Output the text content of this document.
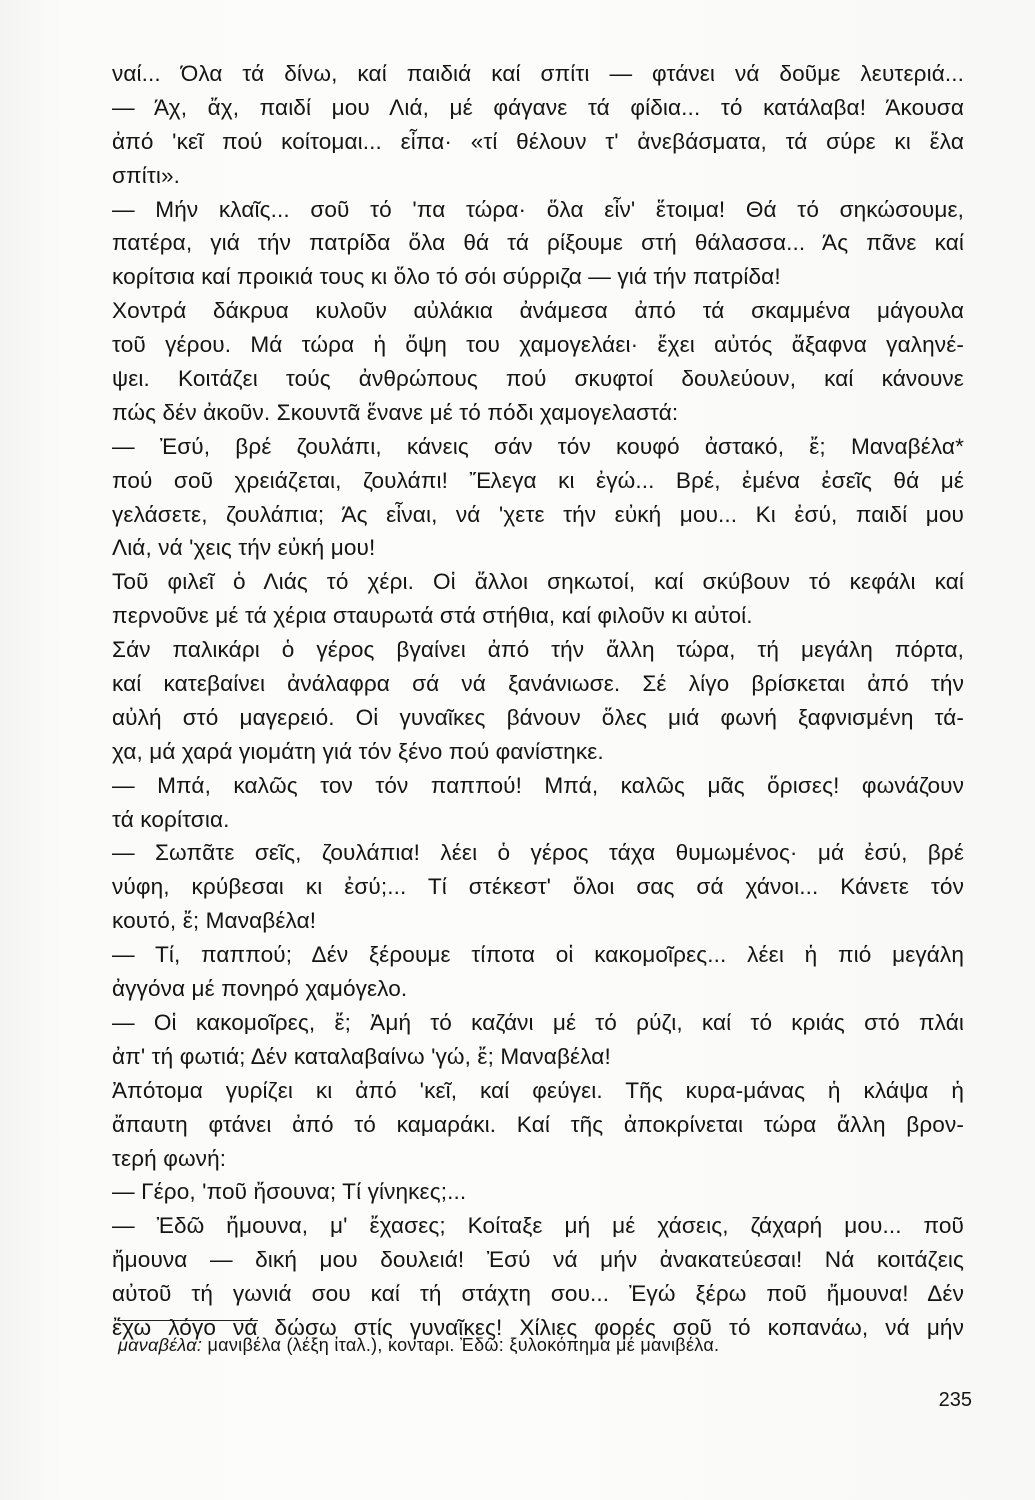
ναί... Όλα τά δίνω, καί παιδιά καί σπίτι — φτάνει νά δοῦμε λευτεριά...
— Άχ, ἄχ, παιδί μου Λιά, μέ φάγανε τά φίδια... τό κατάλαβα! Άκουσα
ἀπό 'κεῖ πού κοίτομαι... εἶπα· «τί θέλουν τ' ἀνεβάσματα, τά σύρε κι ἔλα
σπίτι».
— Μήν κλαῖς... σοῦ τό 'πα τώρα· ὅλα εἶν' ἕτοιμα! Θά τό σηκώσουμε,
πατέρα, γιά τήν πατρίδα ὅλα θά τά ρίξουμε στή θάλασσα... Άς πᾶνε καί
κορίτσια καί προικιά τους κι ὅλο τό σόι σύρριζα — γιά τήν πατρίδα!
Χοντρά δάκρυα κυλοῦν αὐλάκια ἀνάμεσα ἀπό τά σκαμμένα μάγουλα
τοῦ γέρου. Μά τώρα ἡ ὄψη του χαμογελάει· ἔχει αὐτός ἄξαφνα γαληνέ-
ψει. Κοιτάζει τούς ἀνθρώπους πού σκυφτοί δουλεύουν, καί κάνουνε
πώς δέν ἀκοῦν. Σκουντᾶ ἕνανε μέ τό πόδι χαμογελαστά:
— Ἐσύ, βρέ ζουλάπι, κάνεις σάν τόν κουφό ἀστακό, ἔ; Μαναβέλα*
πού σοῦ χρειάζεται, ζουλάπι! Ἔλεγα κι ἐγώ... Βρέ, ἐμένα ἐσεῖς θά μέ
γελάσετε, ζουλάπια; Άς εἶναι, νά 'χετε τήν εὐκή μου... Κι ἐσύ, παιδί μου
Λιά, νά 'χεις τήν εὐκή μου!
Τοῦ φιλεῖ ὁ Λιάς τό χέρι. Οἱ ἄλλοι σηκωτοί, καί σκύβουν τό κεφάλι καί
περνοῦνε μέ τά χέρια σταυρωτά στά στήθια, καί φιλοῦν κι αὐτοί.
Σάν παλικάρι ὁ γέρος βγαίνει ἀπό τήν ἄλλη τώρα, τή μεγάλη πόρτα,
καί κατεβαίνει ἀνάλαφρα σά νά ξανάνιωσε. Σέ λίγο βρίσκεται ἀπό τήν
αὐλή στό μαγερειό. Οἱ γυναῖκες βάνουν ὅλες μιά φωνή ξαφνισμένη τά-
χα, μά χαρά γιομάτη γιά τόν ξένο πού φανίστηκε.
— Μπά, καλῶς τον τόν παππού! Μπά, καλῶς μᾶς ὅρισες! φωνάζουν
τά κορίτσια.
— Σωπᾶτε σεῖς, ζουλάπια! λέει ὁ γέρος τάχα θυμωμένος· μά ἐσύ, βρέ
νύφη, κρύβεσαι κι ἐσύ;... Τί στέκεστ' ὅλοι σας σά χάνοι... Κάνετε τόν
κουτό, ἔ; Μαναβέλα!
— Τί, παππού; Δέν ξέρουμε τίποτα οἱ κακομοῖρες... λέει ἡ πιό μεγάλη
ἀγγόνα μέ πονηρό χαμόγελο.
— Οἱ κακομοῖρες, ἔ; Ἀμή τό καζάνι μέ τό ρύζι, καί τό κριάς στό πλάι
ἀπ' τή φωτιά; Δέν καταλαβαίνω 'γώ, ἔ; Μαναβέλα!
Ἀπότομα γυρίζει κι ἀπό 'κεῖ, καί φεύγει. Τῆς κυρα-μάνας ἡ κλάψα ἡ
ἄπαυτη φτάνει ἀπό τό καμαράκι. Καί τῆς ἀποκρίνεται τώρα ἄλλη βρον-
τερή φωνή:
— Γέρο, 'ποῦ ἤσουνα; Τί γίνηκες;...
— Ἐδῶ ἤμουνα, μ' ἔχασες; Κοίταξε μή μέ χάσεις, ζάχαρή μου... ποῦ
ἤμουνα — δική μου δουλειά! Ἐσύ νά μήν ἀνακατεύεσαι! Νά κοιτάζεις
αὐτοῦ τή γωνιά σου καί τή στάχτη σου... Ἐγώ ξέρω ποῦ ἤμουνα! Δέν
ἔχω λόγο νά δώσω στίς γυναῖκες! Χίλιες φορές σοῦ τό κοπανάω, νά μήν
μαναβέλα: μανιβέλα (λέξη ἰταλ.), κονταρι. Ἐδῶ: ξυλοκόπημα μέ μανιβέλα.
235
